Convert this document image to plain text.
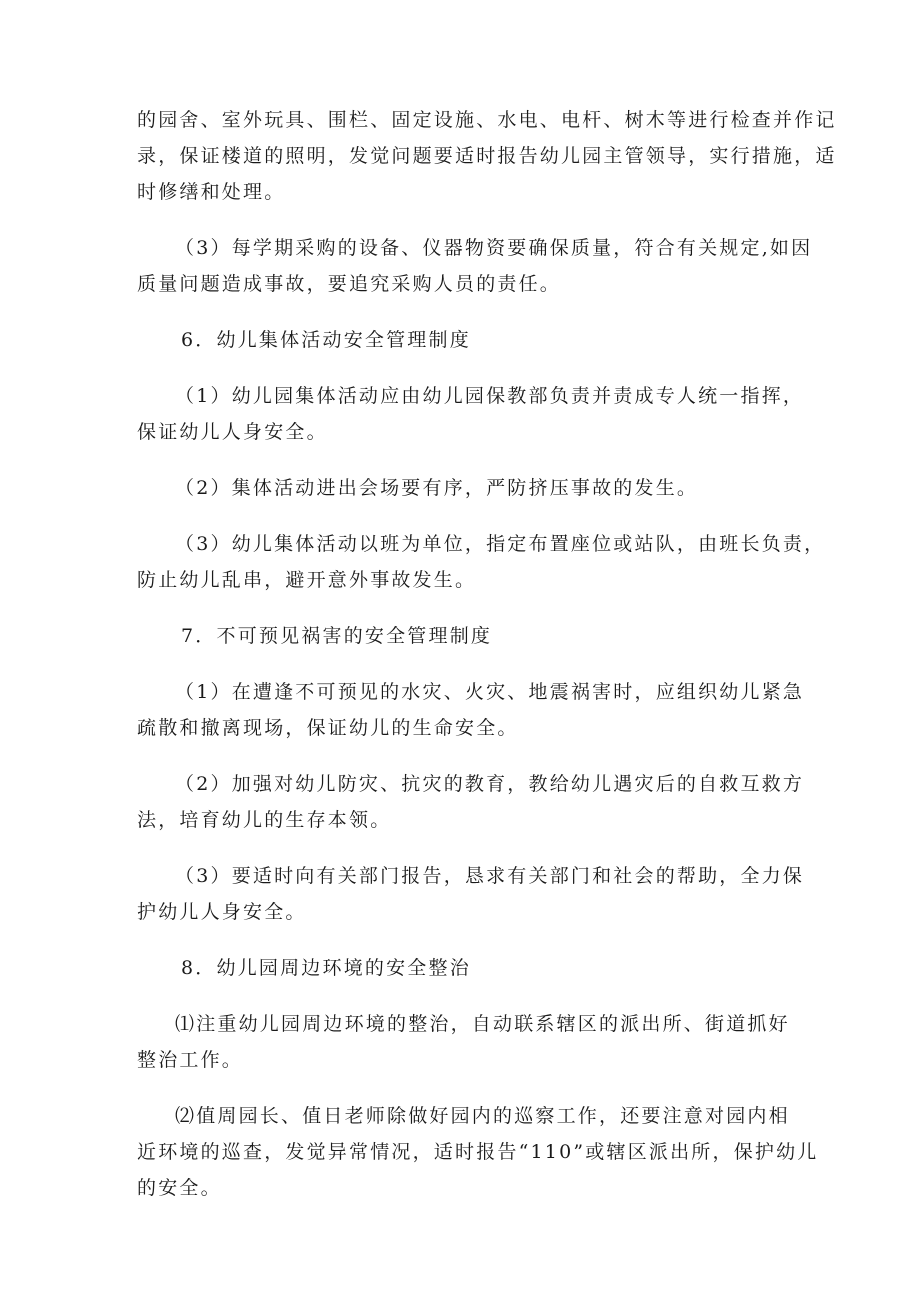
的园舍、室外玩具、围栏、固定设施、水电、电杆、树木等进行检查并作记
录，保证楼道的照明，发觉问题要适时报告幼儿园主管领导，实行措施，适
时修缮和处理。
（3）每学期采购的设备、仪器物资要确保质量，符合有关规定,如因
质量问题造成事故，要追究采购人员的责任。
6．幼儿集体活动安全管理制度
（1）幼儿园集体活动应由幼儿园保教部负责并责成专人统一指挥，
保证幼儿人身安全。
（2）集体活动进出会场要有序，严防挤压事故的发生。
（3）幼儿集体活动以班为单位，指定布置座位或站队，由班长负责，
防止幼儿乱串，避开意外事故发生。
7．不可预见祸害的安全管理制度
（1）在遭逢不可预见的水灾、火灾、地震祸害时，应组织幼儿紧急
疏散和撤离现场，保证幼儿的生命安全。
（2）加强对幼儿防灾、抗灾的教育，教给幼儿遇灾后的自救互救方
法，培育幼儿的生存本领。
（3）要适时向有关部门报告，恳求有关部门和社会的帮助，全力保
护幼儿人身安全。
8．幼儿园周边环境的安全整治
⑴注重幼儿园周边环境的整治，自动联系辖区的派出所、街道抓好
整治工作。
⑵值周园长、值日老师除做好园内的巡察工作，还要注意对园内相
近环境的巡查，发觉异常情况，适时报告“110”或辖区派出所，保护幼儿
的安全。
